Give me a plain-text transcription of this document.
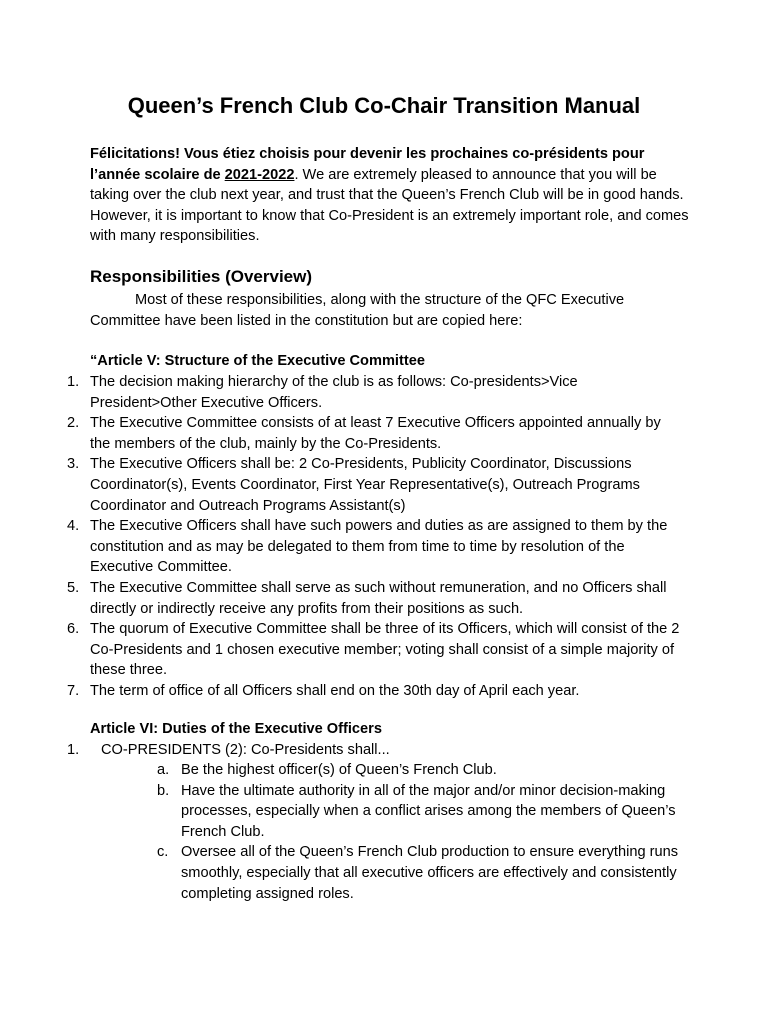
Queen’s French Club Co-Chair Transition Manual

Félicitations! Vous étiez choisis pour devenir les prochaines co-présidents pour l’année scolaire de 2021-2022. We are extremely pleased to announce that you will be taking over the club next year, and trust that the Queen’s French Club will be in good hands. However, it is important to know that Co-President is an extremely important role, and comes with many responsibilities.

Responsibilities (Overview)

Most of these responsibilities, along with the structure of the QFC Executive Committee have been listed in the constitution but are copied here:

“Article V: Structure of the Executive Committee
1. The decision making hierarchy of the club is as follows: Co-presidents>Vice President>Other Executive Officers.
2. The Executive Committee consists of at least 7 Executive Officers appointed annually by the members of the club, mainly by the Co-Presidents.
3. The Executive Officers shall be: 2 Co-Presidents, Publicity Coordinator, Discussions Coordinator(s), Events Coordinator, First Year Representative(s), Outreach Programs Coordinator and Outreach Programs Assistant(s)
4. The Executive Officers shall have such powers and duties as are assigned to them by the constitution and as may be delegated to them from time to time by resolution of the Executive Committee.
5. The Executive Committee shall serve as such without remuneration, and no Officers shall directly or indirectly receive any profits from their positions as such.
6. The quorum of Executive Committee shall be three of its Officers, which will consist of the 2 Co-Presidents and 1 chosen executive member; voting shall consist of a simple majority of these three.
7. The term of office of all Officers shall end on the 30th day of April each year.
Article VI: Duties of the Executive Officers
1. CO-PRESIDENTS (2): Co-Presidents shall...
a. Be the highest officer(s) of Queen’s French Club.
b. Have the ultimate authority in all of the major and/or minor decision-making processes, especially when a conflict arises among the members of Queen’s French Club.
c. Oversee all of the Queen’s French Club production to ensure everything runs smoothly, especially that all executive officers are effectively and consistently completing assigned roles.
